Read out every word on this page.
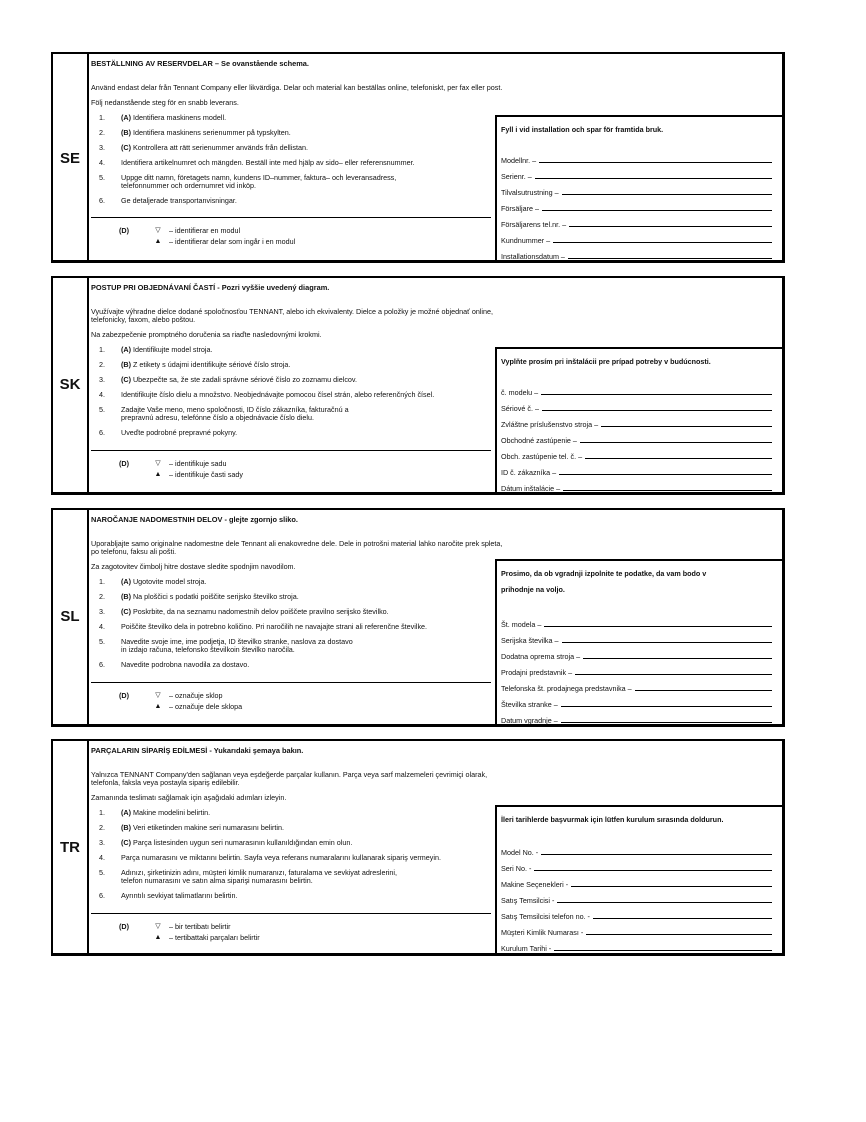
SE
BESTÄLLNING AV RESERVDELAR – Se ovanstående schema.
Använd endast delar från Tennant Company eller likvärdiga. Delar och material kan beställas online, telefoniskt, per fax eller post.
Följ nedanstående steg för en snabb leverans.
1.	(A) Identifiera maskinens modell.
2.	(B) Identifiera maskinens serienummer på typskylten.
3.	(C) Kontrollera att rätt serienummer används från dellistan.
4.	Identifiera artikelnumret och mängden. Beställ inte med hjälp av sido– eller referensnummer.
5.	Uppge ditt namn, företagets namn, kundens ID–nummer, faktura– och leveransadress,
telefonnummer och ordernumret vid inköp.
6.	Ge detaljerade transportanvisningar.
(D)	▽	– identifierar en modul
▲ – identifierar delar som ingår i en modul
Fyll i vid installation och spar för framtida bruk.
Modellnr. –
Serienr. –
Tilvalsutrustning –
Försäljare –
Försäljarens tel.nr. –
Kundnummer –
Installationsdatum –
SK
POSTUP PRI OBJEDNÁVANÍ ČASTÍ - Pozri vyššie uvedený diagram.
Využívajte výhradne dielce dodané spoločnosťou TENNANT, alebo ich ekvivalenty. Dielce a položky je možné objednať online,
telefonicky, faxom, alebo poštou.
Na zabezpečenie promptného doručenia sa riaďte nasledovnými krokmi.
1.	(A) Identifikujte model stroja.
2.	(B) Z etikety s údajmi identifikujte sériové číslo stroja.
3.	(C) Ubezpečte sa, že ste zadali správne sériové číslo zo zoznamu dielcov.
4.	Identifikujte číslo dielu a množstvo. Neobjednávajte pomocou čísel strán, alebo referenčných čísel.
5.	Zadajte Vaše meno, meno spoločnosti, ID číslo zákazníka, fakturačnú a
prepravnú adresu, telefónne číslo a objednávacie číslo dielu.
6.	Uveďte podrobné prepravné pokyny.
(D)	▽	– identifikuje sadu
▲ – identifikuje časti sady
Vyplňte prosím pri inštalácii pre prípad potreby v budúcnosti.
č. modelu –
Sériové č. –
Zvláštne príslušenstvo stroja –
Obchodné zastúpenie –
Obch. zastúpenie tel. č. –
ID č. zákazníka –
Dátum inštalácie –
SL
NAROČANJE NADOMESTNIH DELOV - glejte zgornjo sliko.
Uporabljajte samo originalne nadomestne dele Tennant ali enakovredne dele. Dele in potrošni material lahko naročite prek spleta,
po telefonu, faksu ali pošti.
Za zagotovitev čimbolj hitre dostave sledite spodnjim navodilom.
1.	(A) Ugotovite model stroja.
2.	(B) Na ploščici s podatki poiščite serijsko številko stroja.
3.	(C) Poskrbite, da na seznamu nadomestnih delov poiščete pravilno serijsko številko.
4.	Poiščite številko dela in potrebno količino. Pri naročilih ne navajajte strani ali referenčne številke.
5.	Navedite svoje ime, ime podjetja, ID številko stranke, naslova za dostavo
in izdajo računa, telefonsko številkoin številko naročila.
6.	Navedite podrobna navodila za dostavo.
(D)	▽	– označuje sklop
▲ – označuje dele sklopa
Prosimo, da ob vgradnji izpolnite te podatke, da vam bodo v
prihodnje na voljo.
Št. modela –
Serijska številka –
Dodatna oprema stroja –
Prodajni predstavnik –
Telefonska št. prodajnega predstavnika –
Številka stranke –
Datum vgradnje –
TR
PARÇALARIN SİPARİŞ EDİLMESİ - Yukarıdaki şemaya bakın.
Yalnızca TENNANT Company'den sağlanan veya eşdeğerde parçalar kullanın. Parça veya sarf malzemeleri çevrimiçi olarak,
telefonla, faksla veya postayla sipariş edilebilir.
Zamanında teslimatı sağlamak için aşağıdaki adımları izleyin.
1.	(A) Makine modelini belirtin.
2.	(B) Veri etiketinden makine seri numarasını belirtin.
3.	(C) Parça listesinden uygun seri numarasının kullanıldığından emin olun.
4.	Parça numarasını ve miktarını belirtin. Sayfa veya referans numaralarını kullanarak sipariş vermeyin.
5.	Adınızı, şirketinizin adını, müşteri kimlik numaranızı, faturalama ve sevkiyat adreslerini,
telefon numarasını ve satın alma siparişi numarasını belirtin.
6.	Ayrıntılı sevkiyat talimatlarını belirtin.
(D)	▽	– bir tertibatı belirtir
▲ – tertibattaki parçaları belirtir
İleri tarihlerde başvurmak için lütfen kurulum sırasında doldurun.
Model No. -
Seri No. -
Makine Seçenekleri -
Satış Temsilcisi -
Satış Temsilcisi telefon no. -
Müşteri Kimlik Numarası -
Kurulum Tarihi -
